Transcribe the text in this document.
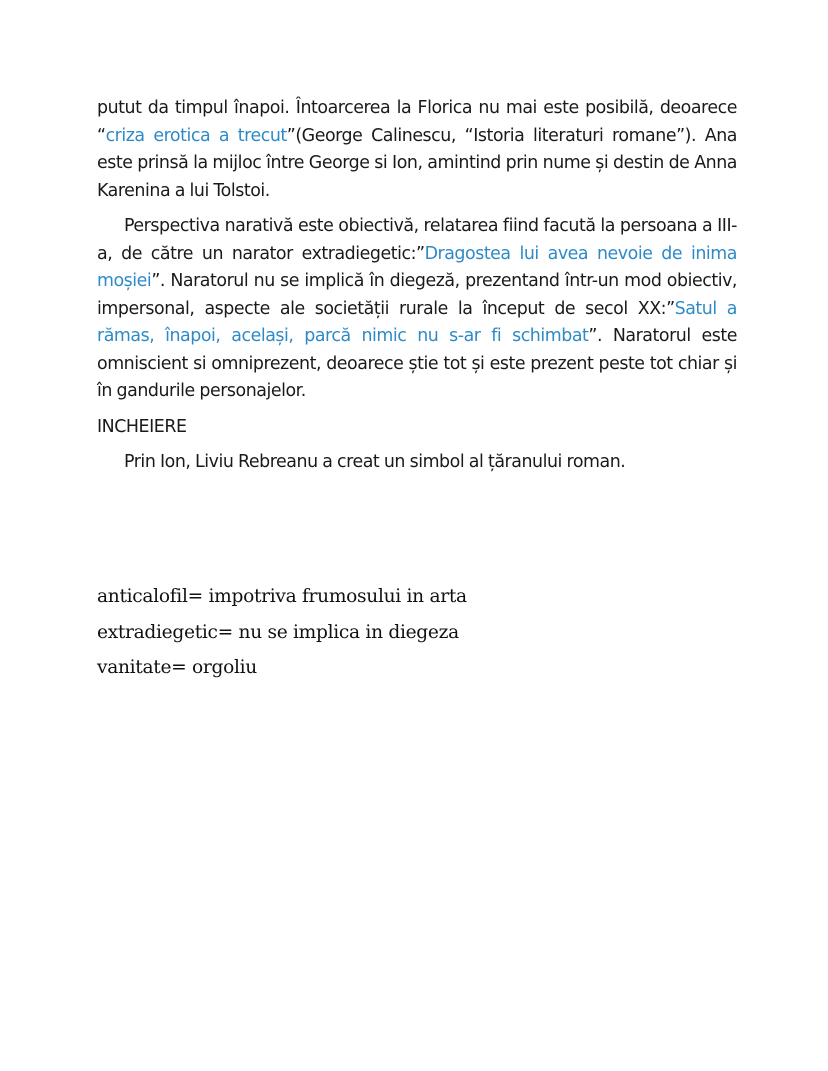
putut da timpul înapoi. Întoarcerea la Florica nu mai este posibilă, deoarece “criza erotica a trecut”(George Calinescu, “Istoria literaturi romane”). Ana este prinsă la mijloc între George si Ion, amintind prin nume și destin de Anna Karenina a lui Tolstoi.

Perspectiva narativă este obiectivă, relatarea fiind facută la persoana a III-a, de către un narator extradiegetic:”Dragostea lui avea nevoie de inima moșiei”. Naratorul nu se implică în diegeză, prezentand într-un mod obiectiv, impersonal, aspecte ale societății rurale la început de secol XX:”Satul a rămas, înapoi, același, parcă nimic nu s-ar fi schimbat”. Naratorul este omniscient si omniprezent, deoarece știe tot și este prezent peste tot chiar și în gandurile personajelor.

INCHEIERE

Prin Ion, Liviu Rebreanu a creat un simbol al țăranului roman.

anticalofil= impotriva frumosului in arta
extradiegetic= nu se implica in diegeza
vanitate= orgoliu
